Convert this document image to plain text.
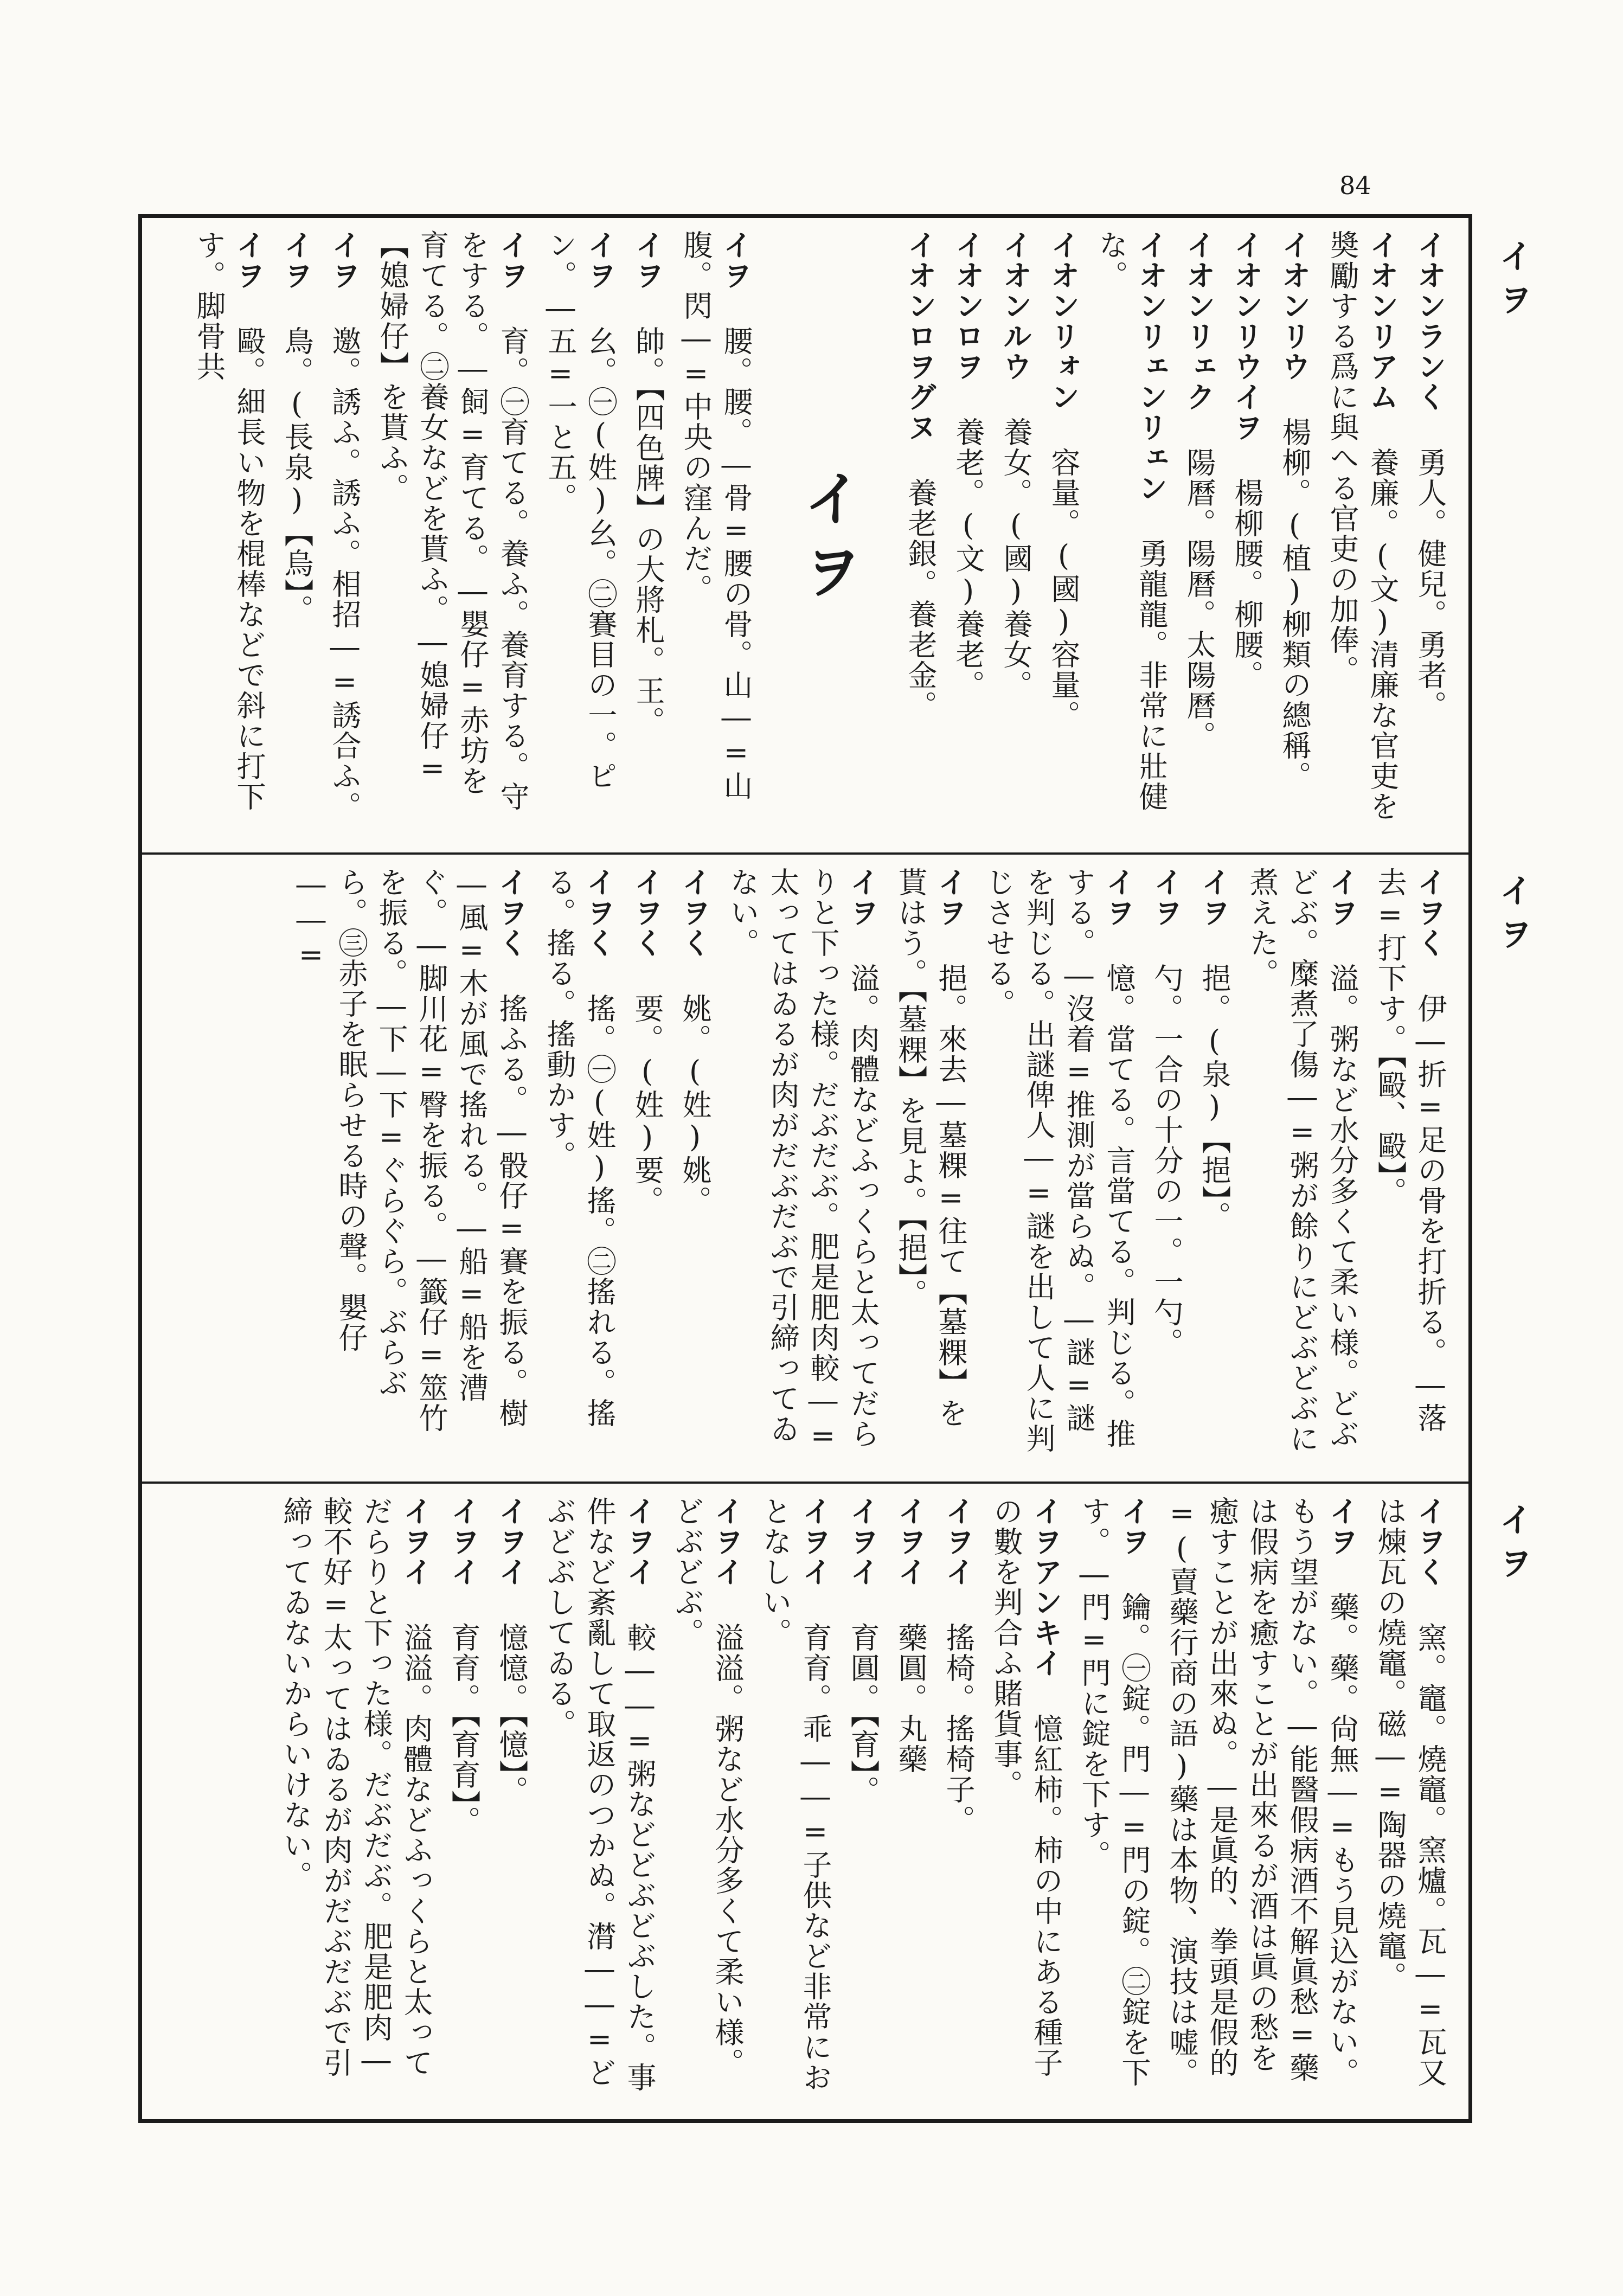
84
イオンランく 勇人。健兒。勇者。
イオンリアム 養廉。(文)清廉な官吏を奬勵する爲に與へる官吏の加俸。
イオンリウ 楊柳。(植)柳類の總稱。
イオンリウイヲ 楊柳腰。柳腰。
イオンリェク 陽曆。陽曆。太陽曆。
イオンリェンリェン 勇龍龍。非常に壯健な。
イオンリォン 容量。(國)容量。
イオンルウ 養女。(國)養女。
イオンロヲ 養老。(文)養老。
イオンロヲグヌ 養老銀。養老金。
イヲ
イヲ 腰。腰。―骨=腰の骨。山―=山腹。閃―=中央の窪んだ。
イヲ 帥。【四色牌】の大將札。王。
イヲ 幺。㊀(姓)幺。㊁賽目の一。ピン。―五=一と五。
イヲ 育。㊀育てる。養ふ。養育する。守をする。―飼=育てる。―嬰仔=赤坊を育てる。㊁養女などを貰ふ。―媳婦仔=【媳婦仔】を貰ふ。
イヲ 邀。誘ふ。誘ふ。相招―=誘合ふ。
イヲ 鳥。(長泉)【烏】。
イヲ 毆。細長い物を棍棒などで斜に打下す。脚骨共
イヲく 伊―折=足の骨を打折る。―落去=打下す。【毆、毆】。
イヲ 溢。粥など水分多くて柔い様。どぶどぶ。糜煮了傷―=粥が餘りにどぶどぶに煮えた。
イヲ 挹。(泉)【挹】。
イヲ 勺。一合の十分の一。一勺。
イヲ 憶。當てる。言當てる。判じる。推する。―沒着=推測が當らぬ。―謎=謎を判じる。出謎俾人―=謎を出して人に判じさせる。
イヲ 挹。來去―墓粿=往て【墓粿】を貰はう。【墓粿】を見よ。【挹】。
イヲ 溢。肉體などふっくらと太ってだらりと下った様。だぶだぶ。肥是肥肉較―=太ってはゐるが肉がだぶだぶで引締ってゐない。
イヲく 姚。(姓)姚。
イヲく 要。(姓)要。
イヲく 搖。㊀(姓)搖。㊁搖れる。搖る。搖る。搖動かす。
イヲく 搖ふる。―骰仔=賽を振る。樹―風=木が風で搖れる。―船=船を漕ぐ。―脚川花=臀を振る。―籤仔=筮竹を振る。―下―下=ぐらぐら。ぶらぶら。㊂赤子を眠らせる時の聲。嬰仔――=
イヲく 窯。竈。燒竈。窯爐。瓦―=瓦又は煉瓦の燒竈。磁―=陶器の燒竈。
イヲ 藥。藥。尙無―=もう見込がない。もう望がない。―能醫假病酒不解眞愁=藥は假病を癒すことが出來るが酒は眞の愁を癒すことが出來ぬ。―是眞的、拳頭是假的=(賣藥行商の語)藥は本物、演技は嘘。
イヲ 鑰。㊀錠。門―=門の錠。㊁錠を下す。―門=門に錠を下す。
イヲアンキイ 憶紅柿。柿の中にある種子の數を判合ふ賭貨事。
イヲイ 搖椅。搖椅子。
イヲイ 藥圓。丸藥
イヲイ 育圓。【育】。
イヲイ 育育。乖――=子供など非常におとなしい。
イヲイ 溢溢。粥など水分多くて柔い様。どぶどぶ。
イヲイ 較――=粥などどぶどぶした。事件など紊亂して取返のつかぬ。潸――=どぶどぶしてゐる。
イヲイ 憶憶。【憶】。
イヲイ 育育。【育育】。
イヲイ 溢溢。肉體などふっくらと太ってだらりと下った様。だぶだぶ。肥是肥肉―較不好=太ってはゐるが肉がだぶだぶで引締ってゐないからいけない。
イヲ
イヲ
イヲ
